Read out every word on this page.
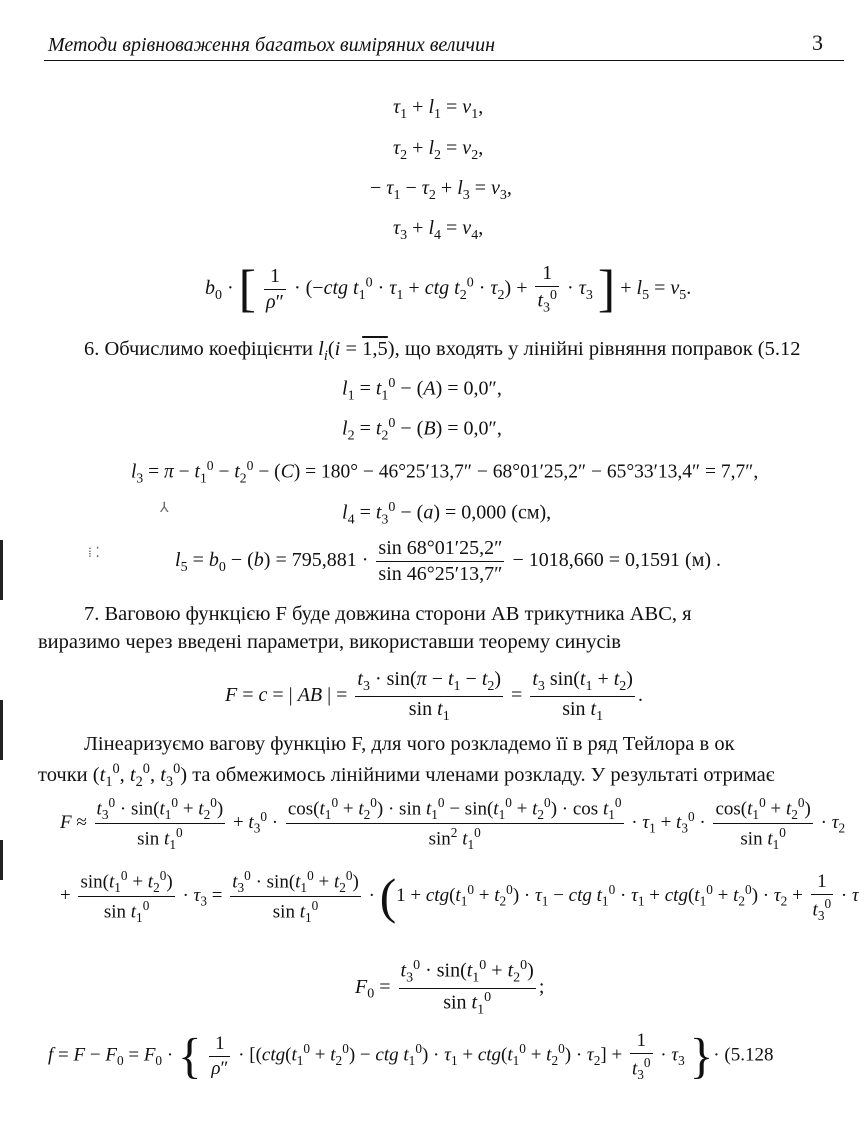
Методи врівноваження багатьох виміряних величин	3
$\tau_1 + l_1 = v_1$,
$\tau_2 + l_2 = v_2$,
− $\tau_1 - \tau_2 + l_3 = v_3$,
$\tau_3 + l_4 = v_4$,
$b_0$ · [ $\frac{1}{\rho''} \cdot (-ctg$ $t_1^0 \cdot \tau_1$ + ctg $t_2^0 \cdot \tau_2) + \frac{1}{t_3^0} \cdot \tau_3$ ] + $l_5 = v_5$.
6. Обчислимо коефіцієнти $l_i(i = 1,5)$, що входять у лінійні рівняння поправок (5.12
$l_1 = t_1^0 - (A) = 0,0''$,
$l_2 = t_2^0 - (B) = 0,0''$,
$l_3 = \pi - t_1^0 - t_2^0 - (C) = 180^\circ - 46^\circ 25'13,7'' - 68^\circ 01'25,2'' - 65^\circ 33'13,4'' = 7,7''$,
⅄	$l_4 = t_3^0 - (a) = 0,000$ (см),
⁞ ⁚	$l_5 = b_0 - (b) = 795,881 \cdot \frac{\sin 68^\circ 01'25,2''}{\sin 46^\circ 25'13,7''} - 1018,660 = 0,1591$ (м) .
7. Ваговою функцією F буде довжина сторони AB трикутника ABC, я
виразимо через введені параметри, використавши теорему синусів
F = c = | AB | = $\frac{t_3 \cdot \sin(\pi - t_1 - t_2)}{\sin t_1} = \frac{t_3 \sin(t_1 + t_2)}{\sin t_1}$ .
Лінеаризуємо вагову функцію F, для чого розкладемо її в ряд Тейлора в ок
точки ($t_1^0$, $t_2^0$, $t_3^0$) та обмежимось лінійними членами розкладу. У результаті отримає
$F \approx \frac{t_3^0 \cdot \sin(t_1^0 + t_2^0)}{\sin t_1^0} + t_3^0 \cdot \frac{\cos(t_1^0 + t_2^0) \cdot \sin t_1^0 - \sin(t_1^0 + t_2^0) \cdot \cos t_1^0}{\sin^2 t_1^0} \cdot \tau_1 + t_3^0 \cdot \frac{\cos(t_1^0 + t_2^0)}{\sin t_1^0} \cdot \tau_2$
+ $\frac{\sin(t_1^0 + t_2^0)}{\sin t_1^0} \cdot \tau_3 = \frac{t_3^0 \cdot \sin(t_1^0 + t_2^0)}{\sin t_1^0} \cdot (1 + ctg(t_1^0 + t_2^0) \cdot \tau_1$ − ctg $t_1^0 \cdot \tau_1 + ctg(t_1^0 + t_2^0) \cdot \tau_2 + \frac{1}{t_3^0} \cdot \tau$
$F_0 = \frac{t_3^0 \cdot \sin(t_1^0 + t_2^0)}{\sin t_1^0}$ ;
$f = F - F_0 = F_0$ · { $\frac{1}{\rho''} \cdot [(ctg(t_1^0 + t_2^0)$ − ctg $t_1^0) \cdot \tau_1 + ctg(t_1^0 + t_2^0) \cdot \tau_2] + \frac{1}{t_3^0} \cdot \tau_3$ }· (5.128
